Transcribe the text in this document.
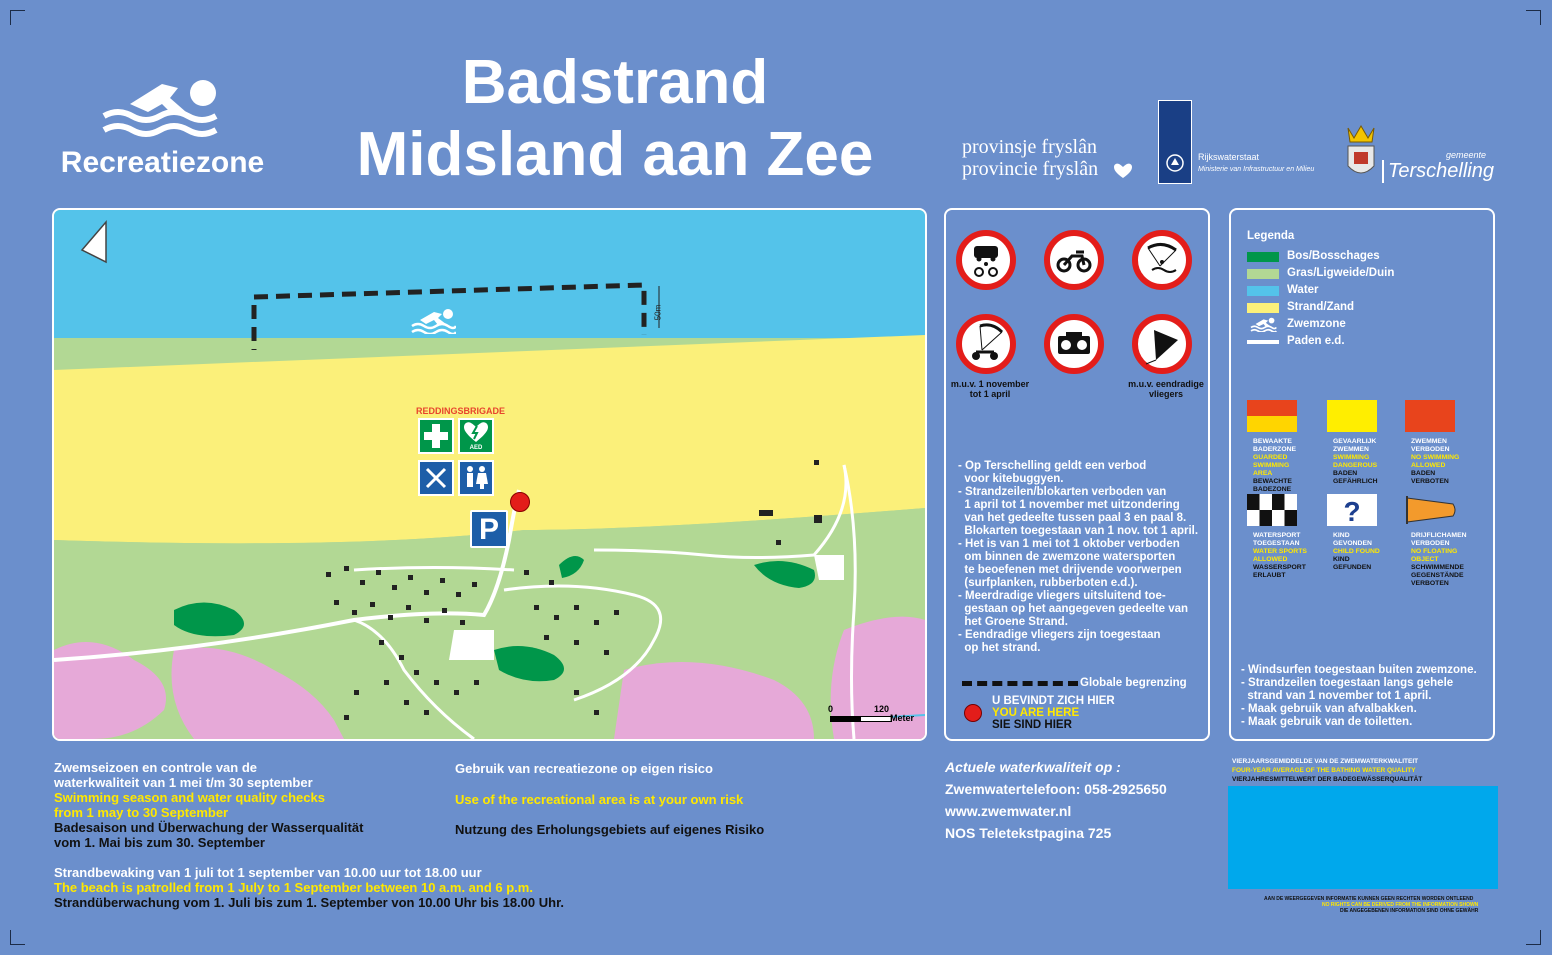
Recreatiezone
Badstrand
Midsland aan Zee	provinsje fryslân
provincie fryslân
Rijkswaterstaat
Ministerie van Infrastructuur en Milieu
gemeente
Terschelling
50m
REDDINGSBRIGADE
AED
P
0	120
Meter
m.u.v. 1 november tot 1 april
m.u.v. eendradige vliegers
- Op Terschelling geldt een verbod
voor kitebuggyen.
- Strandzeilen/blokarten verboden van
1 april tot 1 november met uitzondering
van het gedeelte tussen paal 3 en paal 8.
Blokarten toegestaan van 1 nov. tot 1 april.
- Het is van 1 mei tot 1 oktober verboden
om binnen de zwemzone watersporten
te beoefenen met drijvende voorwerpen
(surfplanken, rubberboten e.d.).
- Meerdradige vliegers uitsluitend toe-
gestaan op het aangegeven gedeelte van
het Groene Strand.
- Eendradige vliegers zijn toegestaan
op het strand.
Globale begrenzing
U BEVINDT ZICH HIER
YOU ARE HERE
SIE SIND HIER
Legenda
Bos/Bosschages
Gras/Ligweide/Duin
Water
Strand/Zand
Zwemzone
Paden e.d.
BEWAAKTE BADERZONE
GUARDED SWIMMING AREA
BEWACHTE BADEZONE
GEVAARLIJK ZWEMMEN
SWIMMING DANGEROUS
BADEN GEFÄHRLICH
ZWEMMEN VERBODEN
NO SWIMMING ALLOWED
BADEN VERBOTEN
WATERSPORT TOEGESTAAN
WATER SPORTS ALLOWED
WASSERSPORT ERLAUBT
?
KIND GEVONDEN
CHILD FOUND
KIND GEFUNDEN
DRIJFLICHAMEN VERBODEN
NO FLOATING OBJECT
SCHWIMMENDE GEGENSTÄNDE VERBOTEN
- Windsurfen toegestaan buiten zwemzone.
- Strandzeilen toegestaan langs gehele
strand van 1 november tot 1 april.
- Maak gebruik van afvalbakken.
- Maak gebruik van de toiletten.
Zwemseizoen en controle van de
waterkwaliteit van 1 mei t/m 30 september
Swimming season and water quality checks
from 1 may to 30 September
Badesaison und Überwachung der Wasserqualität
vom 1. Mai bis zum 30. September
Gebruik van recreatiezone op eigen risico
Use of the recreational area is at your own risk
Nutzung des Erholungsgebiets auf eigenes Risiko
Strandbewaking van 1 juli tot 1 september van 10.00 uur tot 18.00 uur
The beach is patrolled from 1 July to 1 September between 10 a.m. and 6 p.m.
Strandüberwachung vom 1. Juli bis zum 1. September von 10.00 Uhr bis 18.00 Uhr.
Actuele waterkwaliteit op :
Zwemwatertelefoon: 058-2925650
www.zwemwater.nl
NOS Teletekstpagina 725
VIERJAARSGEMIDDELDE VAN DE ZWEMWATERKWALITEIT
FOUR-YEAR AVERAGE OF THE BATHING WATER QUALITY
VIERJAHRESMITTELWERT DER BADEGEWÄSSERQUALITÄT
AAN DE WEERGEGEVEN INFORMATIE KUNNEN GEEN RECHTEN WORDEN ONTLEEND
NO RIGHTS CAN BE DERIVED FROM THE INFORMATION SHOWN
DIE ANGEGEBENEN INFORMATION SIND OHNE GEWÄHR
